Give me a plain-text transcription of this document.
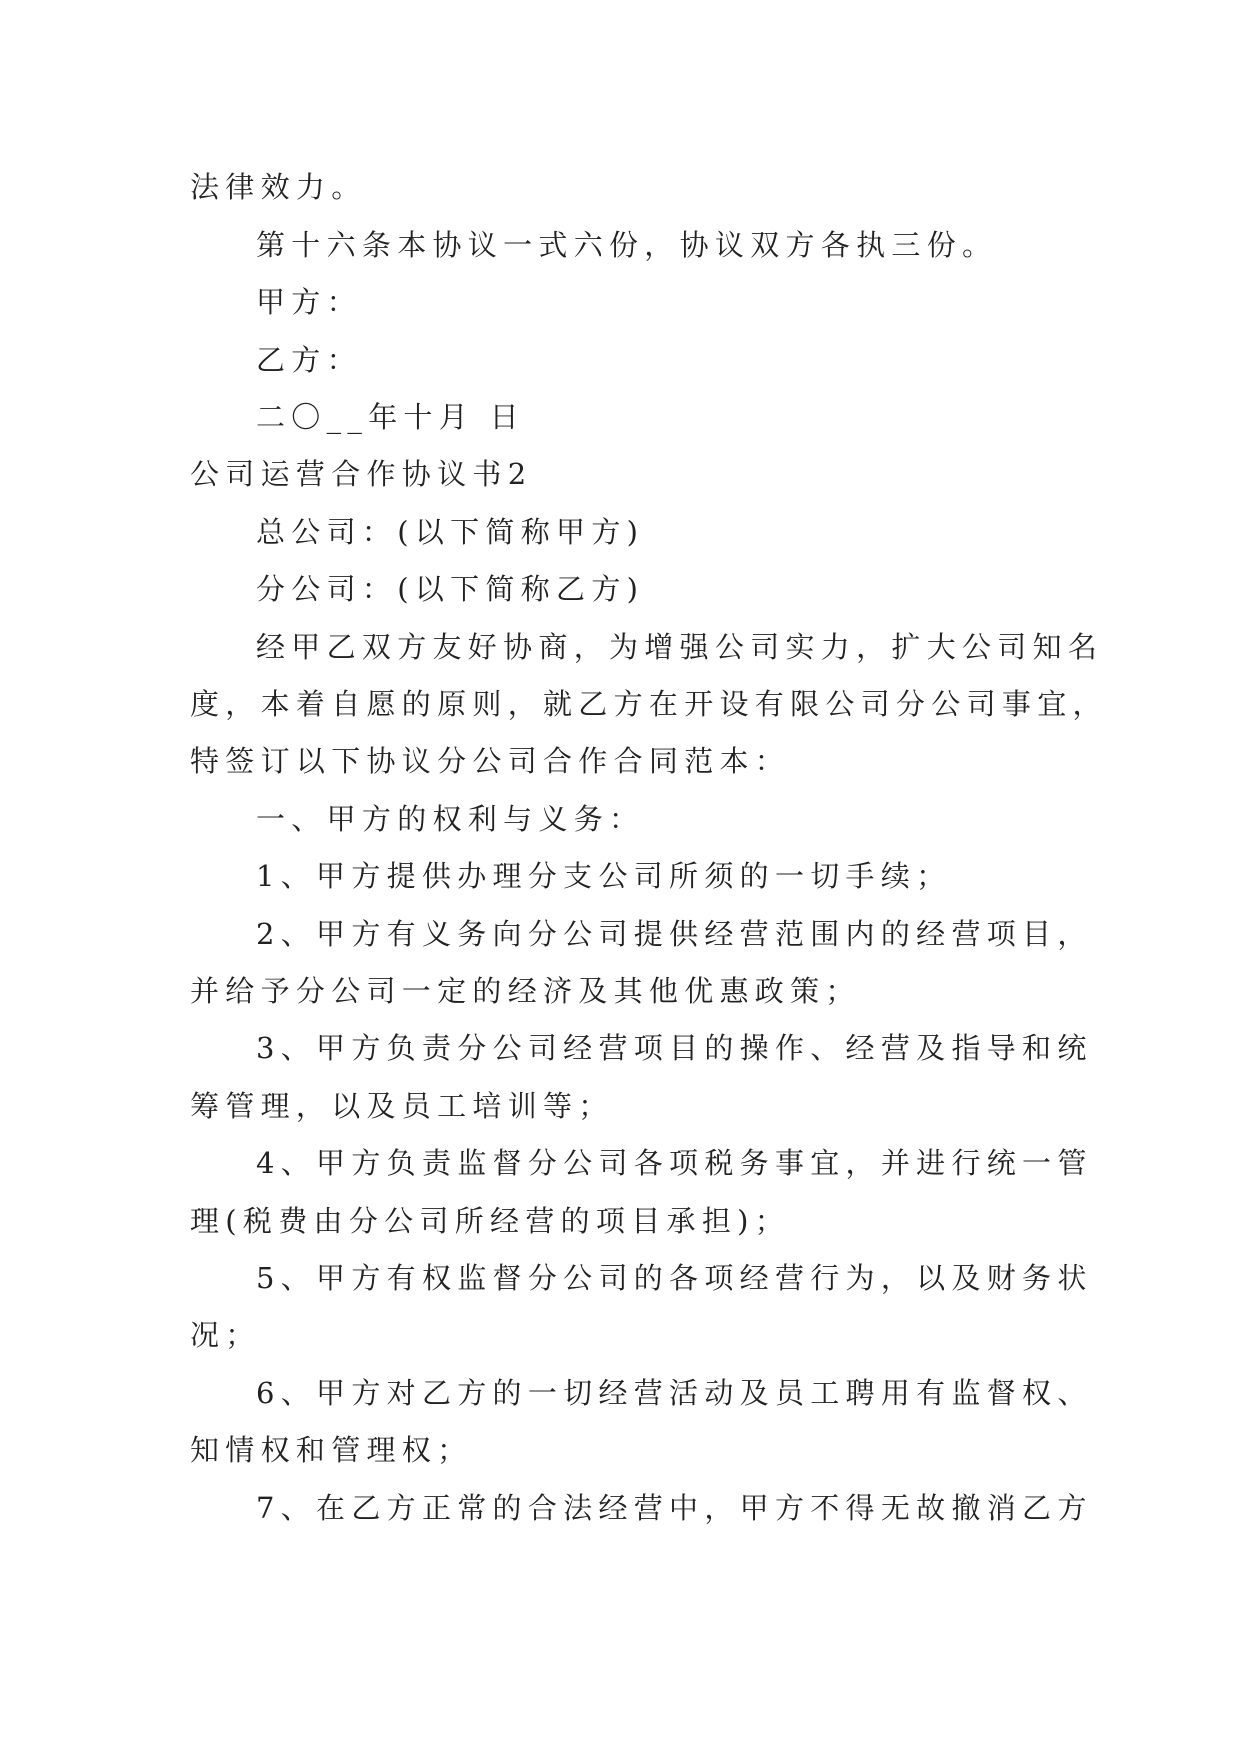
法律效力。
第十六条本协议一式六份，协议双方各执三份。
甲方：
乙方：
二〇__年十月 日
公司运营合作协议书2
总公司：(以下简称甲方)
分公司：(以下简称乙方)
经甲乙双方友好协商，为增强公司实力，扩大公司知名
度，本着自愿的原则，就乙方在开设有限公司分公司事宜，
特签订以下协议分公司合作合同范本：
一、甲方的权利与义务：
1、甲方提供办理分支公司所须的一切手续；
2、甲方有义务向分公司提供经营范围内的经营项目，
并给予分公司一定的经济及其他优惠政策；
3、甲方负责分公司经营项目的操作、经营及指导和统
筹管理，以及员工培训等；
4、甲方负责监督分公司各项税务事宜，并进行统一管
理(税费由分公司所经营的项目承担)；
5、甲方有权监督分公司的各项经营行为，以及财务状
况；
6、甲方对乙方的一切经营活动及员工聘用有监督权、
知情权和管理权；
7、在乙方正常的合法经营中，甲方不得无故撤消乙方
